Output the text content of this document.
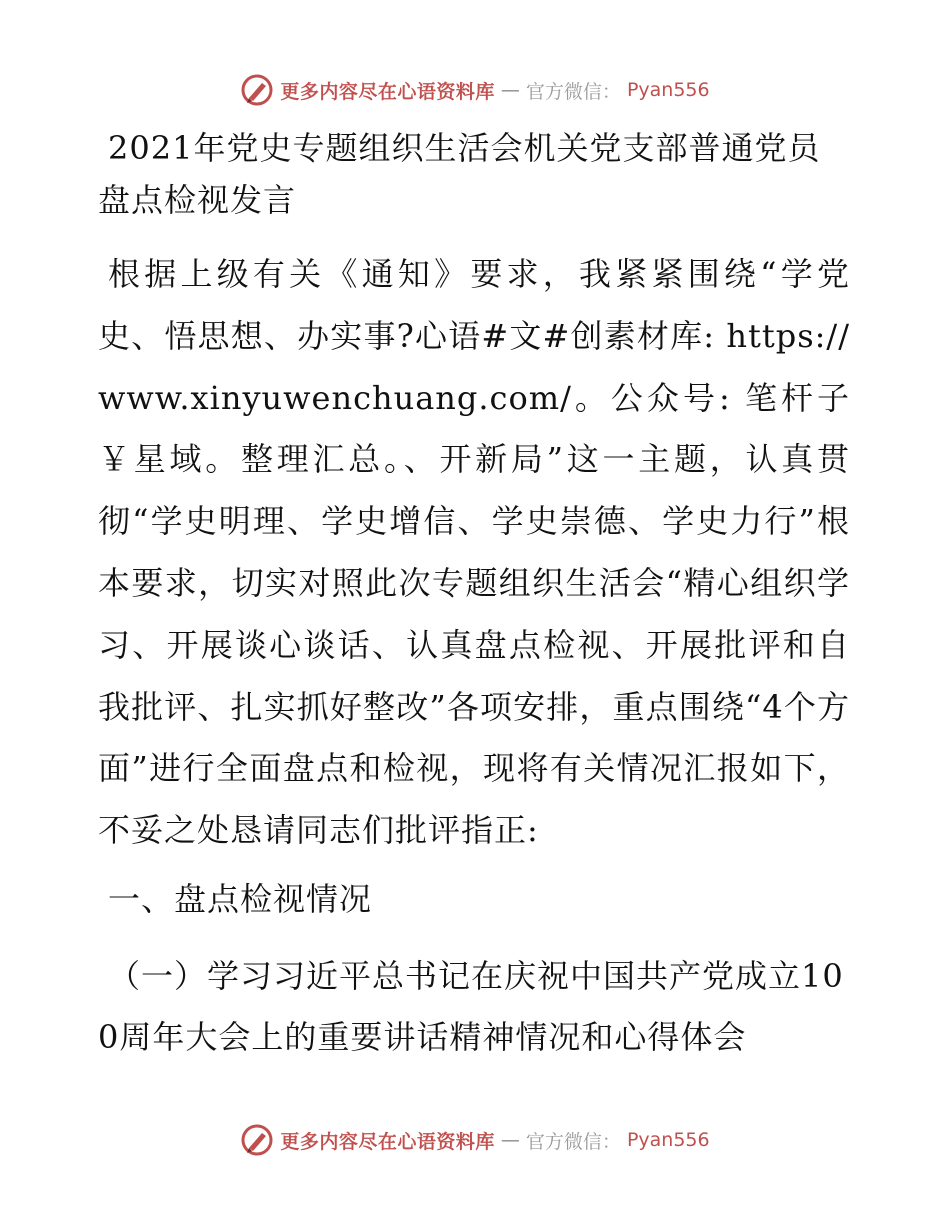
更多内容尽在心语资料库 — 官方微信： Pyan556
2021年党史专题组织生活会机关党支部普通党员盘点检视发言

根据上级有关《通知》要求，我紧紧围绕“学党史、悟思想、办实事?心语#文#创素材库: https://www.xinyuwenchuang.com/。公众号: 笔杆子￥星域。整理汇总。、开新局”这一主题，认真贯彻“学史明理、学史增信、学史崇德、学史力行”根本要求，切实对照此次专题组织生活会“精心组织学习、开展谈心谈话、认真盘点检视、开展批评和自我批评、扎实抓好整改”各项安排，重点围绕“4个方面”进行全面盘点和检视，现将有关情况汇报如下，不妥之处恳请同志们批评指正:

一、盘点检视情况

（一）学习习近平总书记在庆祝中国共产党成立100周年大会上的重要讲话精神情况和心得体会

更多内容尽在心语资料库 — 官方微信： Pyan556
